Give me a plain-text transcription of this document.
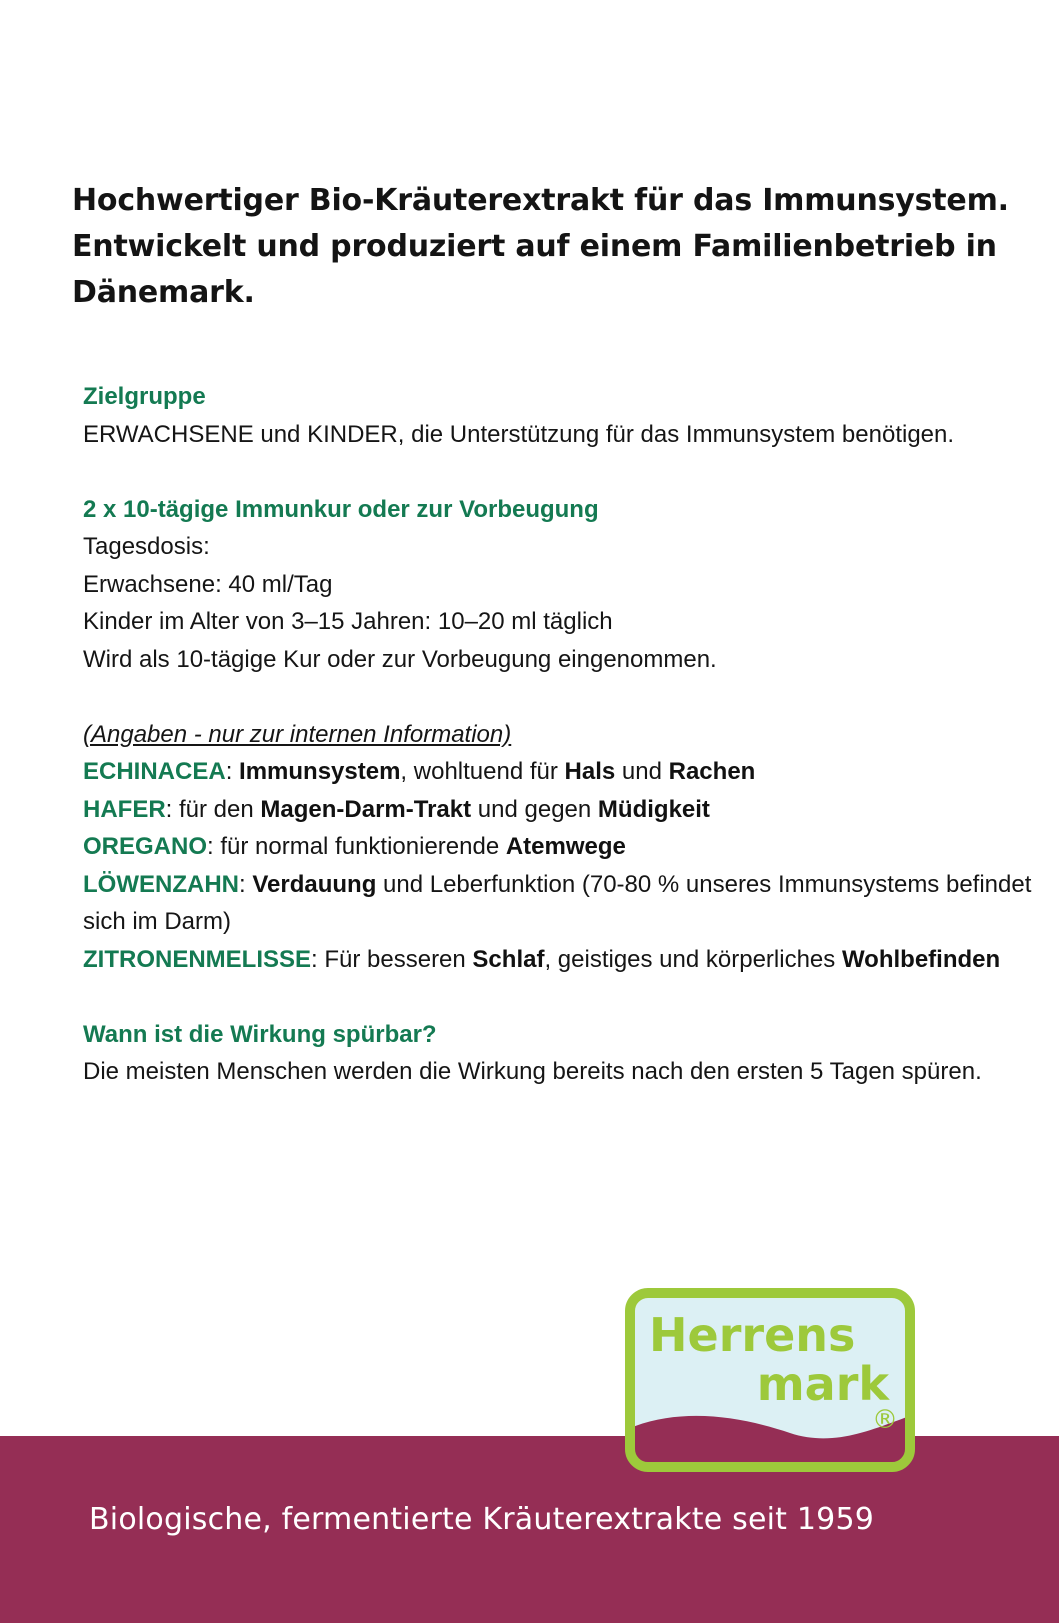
Hochwertiger Bio-Kräuterextrakt für das Immunsystem.
Entwickelt und produziert auf einem Familienbetrieb in
Dänemark.

Zielgruppe

ERWACHSENE und KINDER, die Unterstützung für das Immunsystem benötigen.

2 x 10-tägige Immunkur oder zur Vorbeugung

Tagesdosis:

Erwachsene: 40 ml/Tag

Kinder im Alter von 3–15 Jahren: 10–20 ml täglich

Wird als 10-tägige Kur oder zur Vorbeugung eingenommen.

(Angaben - nur zur internen Information)

ECHINACEA: Immunsystem, wohltuend für Hals und Rachen

HAFER: für den Magen-Darm-Trakt und gegen Müdigkeit

OREGANO: für normal funktionierende Atemwege

LÖWENZAHN: Verdauung und Leberfunktion (70-80 % unseres Immunsystems befindet sich im Darm)

ZITRONENMELISSE: Für besseren Schlaf, geistiges und körperliches Wohlbefinden

Wann ist die Wirkung spürbar?

Die meisten Menschen werden die Wirkung bereits nach den ersten 5 Tagen spüren.

Biologische, fermentierte Kräuterextrakte seit 1959

Herrens
mark
®
